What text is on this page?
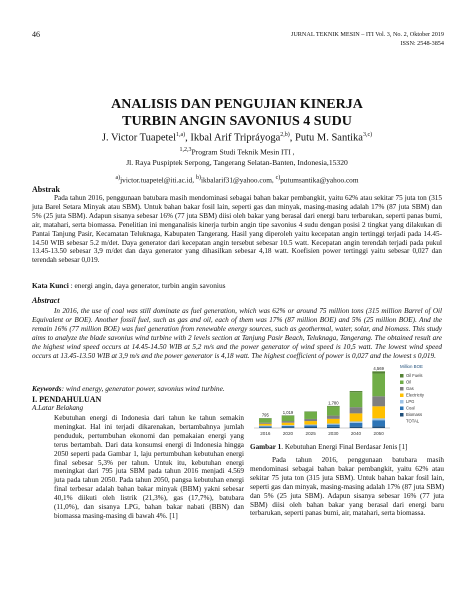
46	JURNAL TEKNIK MESIN – ITI Vol. 3, No. 2, Oktober 2019
ISSN: 2548-3854
ANALISIS DAN PENGUJIAN KINERJA
TURBIN ANGIN SAVONIUS 4 SUDU
J. Victor Tuapetel$^{1,a)}$, Ikbal Arif Tripráyoga$^{2,b)}$, Putu M. Santika$^{3,c)}$
$^{1,2,3}$Program Studi Teknik Mesin ITI ,
Jl. Raya Puspiptek Serpong, Tangerang Selatan-Banten, Indonesia,15320
$^{a)}$jvictor.tuapetel@iti.ac.id, $^{b)}$ikbalarif31@yahoo.com, $^{c)}$putumsantika@yahoo.com
Abstrak
Pada tahun 2016, penggunaan batubara masih mendominasi sebagai bahan bakar pembangkit, yaitu 62% atau sekitar 75 juta ton (315 juta Barel Setara Minyak atau SBM). Untuk bahan bakar fosil lain, seperti gas dan minyak, masing-masing adalah 17% (87 juta SBM) dan 5% (25 juta SBM). Adapun sisanya sebesar 16% (77 juta SBM) diisi oleh bakar yang berasal dari energi baru terbarukan, seperti panas bumi, air, matahari, serta biomassa. Penelitian ini menganalisis kinerja turbin angin tipe savonius 4 sudu dengan posisi 2 tingkat yang dilakukan di Pantai Tanjung Pasir, Kecamatan Teluknaga, Kabupaten Tangerang. Hasil yang diperoleh yaitu kecepatan angin tertinggi terjadi pada 14.45-14.50 WIB sebesar 5.2 m/det. Daya generator dari kecepatan angin tersebut sebesar 10.5 watt. Kecepatan angin terendah terjadi pada pukul 13.45-13.50 sebesar 3,9 m/det dan daya generator yang dihasilkan sebesar 4,18 watt. Koefisien power tertinggi yaitu sebesar 0,027 dan terendah sebesar 0,019.
Kata Kunci : energi angin, daya generator, turbin angin savonius
Abstract
In 2016, the use of coal was still dominate as fuel generation, which was 62% or around 75 million tons (315 million Barrel of Oil Equivalent or BOE). Another fossil fuel, such as gas and oil, each of them was 17% (87 million BOE) and 5% (25 million BOE). And the remain 16% (77 million BOE) was fuel generation from renewable energy sources, such as geothermal, water, solar, and biomass. This study aims to analyze the blade savonius wind turbine with 2 levels section at Tanjung Pasir Beach, Teluknaga, Tangerang. The obtained result are the highest wind speed occurs at 14.45-14.50 WIB at 5,2 m/s and the power generator of wind speed is 10,5 watt. The lowest wind speed occurs at 13.45-13.50 WIB at 3,9 m/s and the power generator is 4,18 watt. The highest coefficient of power is 0,027 and the lowest s 0,019.
Keywords: wind energy, generator power, savonius wind turbine.
I. PENDAHULUAN
A.Latar Belakang
Kebutuhan energi di Indonesia dari tahun ke tahun semakin meningkat. Hal ini terjadi dikarenakan, bertambahnya jumlah penduduk, pertumbuhan ekonomi dan pemakaian energi yang terus bertambah. Dari data konsumsi energi di Indonesia hingga 2050 seperti pada Gambar 1, laju pertumbuhan kebutuhan energi final sebesar 5,3% per tahun. Untuk itu, kebutuhan energi meningkat dari 795 juta SBM pada tahun 2016 menjadi 4.569 juta pada tahun 2050. Pada tahun 2050, pangsa kebutuhan energi final terbesar adalah bahan bakar minyak (BBM) yakni sebesar 40,1% diikuti oleh listrik (21,3%), gas (17,7%), batubara (11,0%), dan sisanya LPG, bahan bakar nabati (BBN) dan biomassa masing-masing di bawah 4%. [1]
2016
795
2020
1,019
2025	2030
1,780
2040	2050
4,569	Million BOE
Oil Fuels
Oil
Gas
Electricity
LPG
Coal
Biomass
TOTAL
Gambar 1. Kebutuhan Energi Final Berdasar Jenis [1]
Pada tahun 2016, penggunaan batubara masih mendominasi sebagai bahan bakar pembangkit, yaitu 62% atau sekitar 75 juta ton (315 juta SBM). Untuk bahan bakar fosil lain, seperti gas dan minyak, masing-masing adalah 17% (87 juta SBM) dan 5% (25 juta SBM). Adapun sisanya sebesar 16% (77 juta SBM) diisi oleh bahan bakar yang berasal dari energi baru terbarukan, seperti panas bumi, air, matahari, serta biomassa.
